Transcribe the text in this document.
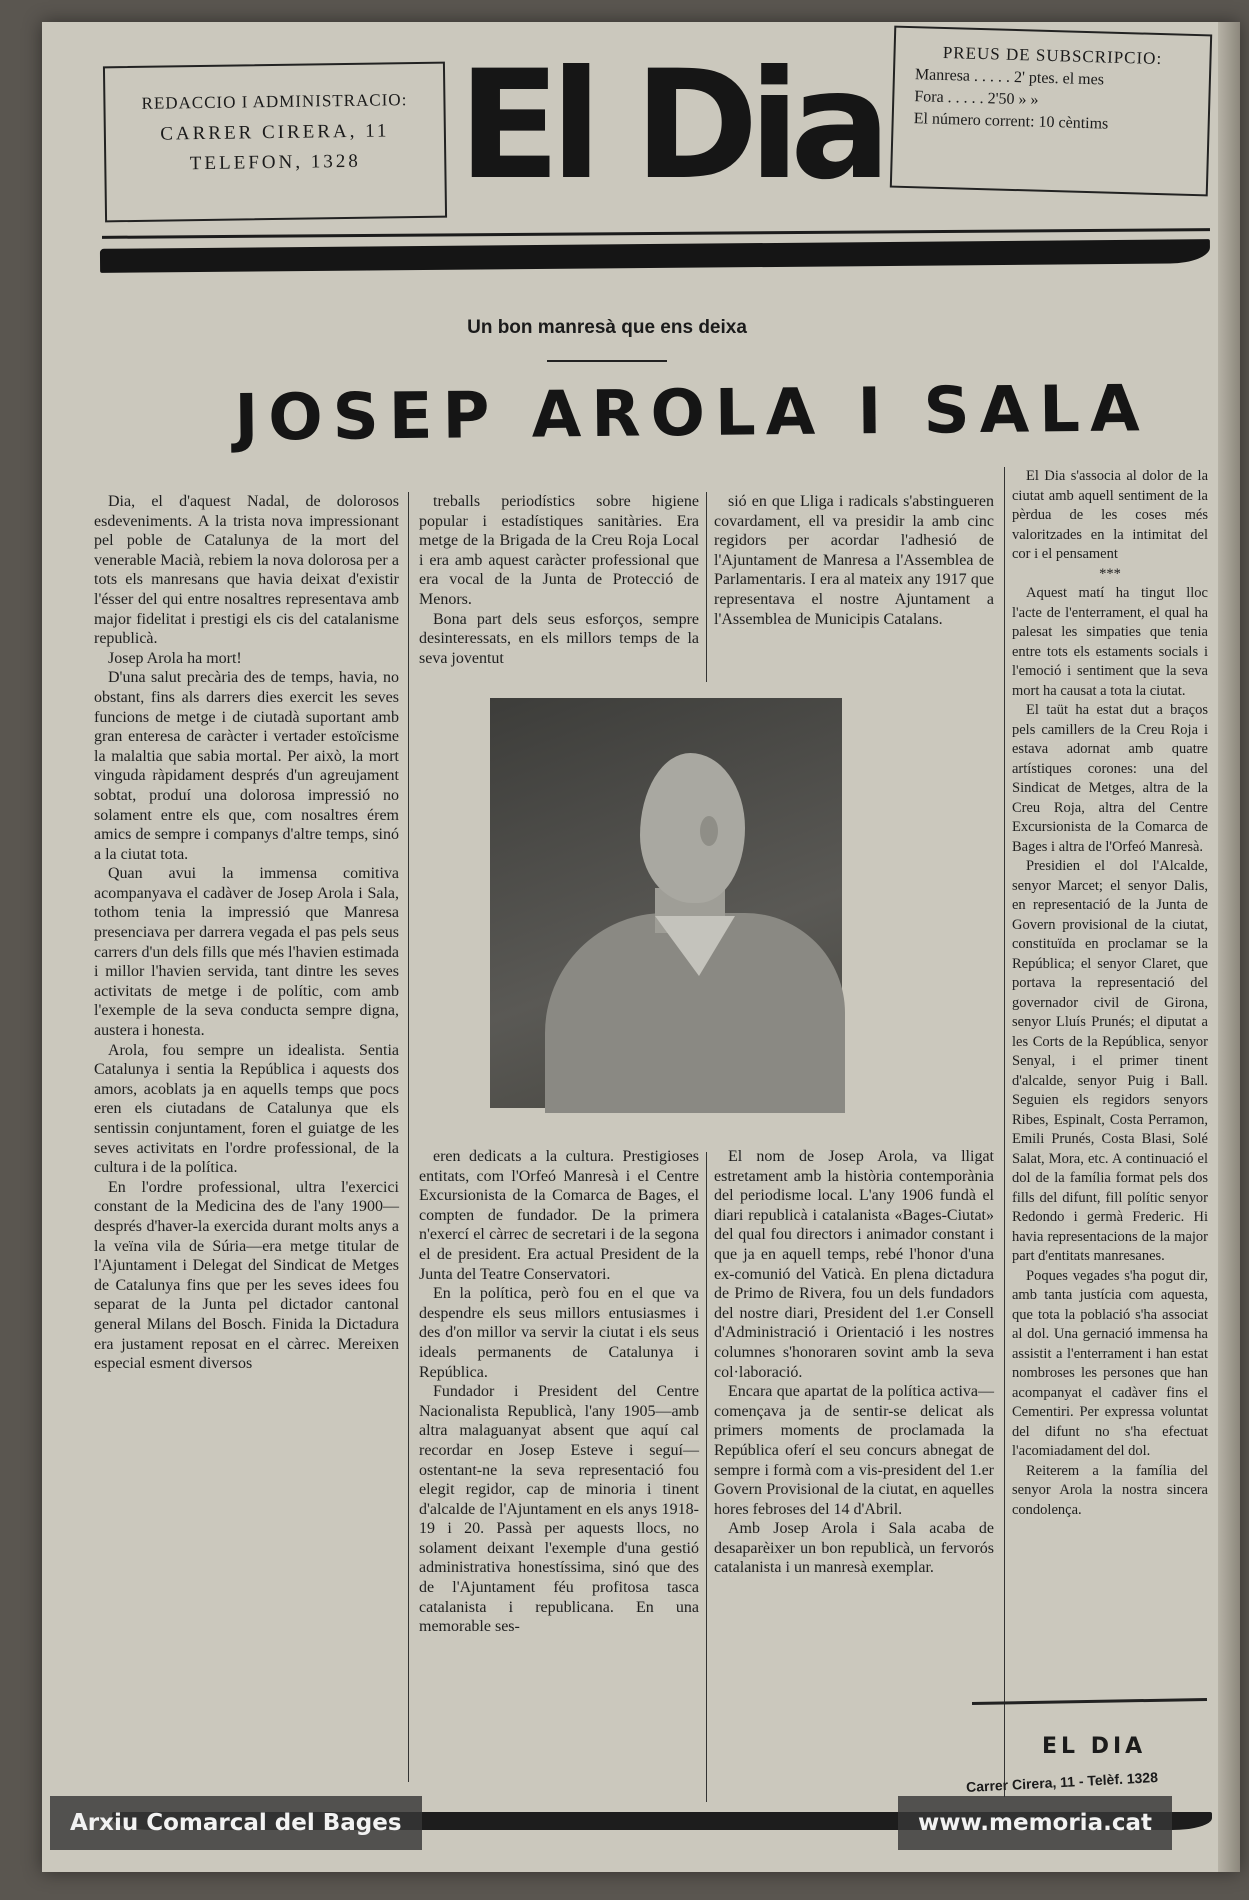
REDACCIO I ADMINISTRACIO:
CARRER CIRERA, 11
TELEFON, 1328 El Dia	PREUS DE SUBSCRIPCIO:
Manresa . . . . . 2' ptes. el mes
Fora . . . . . 2'50 » »
El número corrent: 10 cèntims
Un bon manresà que ens deixa
JOSEP AROLA I SALA

Dia, el d'aquest Nadal, de dolorosos esdeveniments. A la trista nova impressionant pel poble de Catalunya de la mort del venerable Macià, rebiem la nova dolorosa per a tots els manresans que havia deixat d'existir l'ésser del qui entre nosaltres representava amb major fidelitat i prestigi els cis del catalanisme republicà.

Josep Arola ha mort!

D'una salut precària des de temps, havia, no obstant, fins als darrers dies exercit les seves funcions de metge i de ciutadà suportant amb gran enteresa de caràcter i vertader estoïcisme la malaltia que sabia mortal. Per això, la mort vinguda ràpidament després d'un agreujament sobtat, produí una dolorosa impressió no solament entre els que, com nosaltres érem amics de sempre i companys d'altre temps, sinó a la ciutat tota.

Quan avui la immensa comitiva acompanyava el cadàver de Josep Arola i Sala, tothom tenia la impressió que Manresa presenciava per darrera vegada el pas pels seus carrers d'un dels fills que més l'havien estimada i millor l'havien servida, tant dintre les seves activitats de metge i de polític, com amb l'exemple de la seva conducta sempre digna, austera i honesta.

Arola, fou sempre un idealista. Sentia Catalunya i sentia la República i aquests dos amors, acoblats ja en aquells temps que pocs eren els ciutadans de Catalunya que els sentissin conjuntament, foren el guiatge de les seves activitats en l'ordre professional, de la cultura i de la política.

En l'ordre professional, ultra l'exercici constant de la Medicina des de l'any 1900—després d'haver-la exercida durant molts anys a la veïna vila de Súria—era metge titular de l'Ajuntament i Delegat del Sindicat de Metges de Catalunya fins que per les seves idees fou separat de la Junta pel dictador cantonal general Milans del Bosch. Finida la Dictadura era justament reposat en el càrrec. Mereixen especial esment diversos

treballs periodístics sobre higiene popular i estadístiques sanitàries. Era metge de la Brigada de la Creu Roja Local i era amb aquest caràcter professional que era vocal de la Junta de Protecció de Menors.

Bona part dels seus esforços, sempre desinteressats, en els millors temps de la seva joventut

sió en que Lliga i radicals s'abstingueren covardament, ell va presidir la amb cinc regidors per acordar l'adhesió de l'Ajuntament de Manresa a l'Assemblea de Parlamentaris. I era al mateix any 1917 que representava el nostre Ajuntament a l'Assemblea de Municipis Catalans.

eren dedicats a la cultura. Prestigioses entitats, com l'Orfeó Manresà i el Centre Excursionista de la Comarca de Bages, el compten de fundador. De la primera n'exercí el càrrec de secretari i de la segona el de president. Era actual President de la Junta del Teatre Conservatori.

En la política, però fou en el que va despendre els seus millors entusiasmes i des d'on millor va servir la ciutat i els seus ideals permanents de Catalunya i República.

Fundador i President del Centre Nacionalista Republicà, l'any 1905—amb altra malaguanyat absent que aquí cal recordar en Josep Esteve i seguí—ostentant-ne la seva representació fou elegit regidor, cap de minoria i tinent d'alcalde de l'Ajuntament en els anys 1918-19 i 20. Passà per aquests llocs, no solament deixant l'exemple d'una gestió administrativa honestíssima, sinó que des de l'Ajuntament féu profitosa tasca catalanista i republicana. En una memorable ses-

El nom de Josep Arola, va lligat estretament amb la història contemporània del periodisme local. L'any 1906 fundà el diari republicà i catalanista «Bages-Ciutat» del qual fou directors i animador constant i que ja en aquell temps, rebé l'honor d'una ex-comunió del Vaticà. En plena dictadura de Primo de Rivera, fou un dels fundadors del nostre diari, President del 1.er Consell d'Administració i Orientació i les nostres columnes s'honoraren sovint amb la seva col·laboració.

Encara que apartat de la política activa—començava ja de sentir-se delicat als primers moments de proclamada la República oferí el seu concurs abnegat de sempre i formà com a vis-president del 1.er Govern Provisional de la ciutat, en aquelles hores febroses del 14 d'Abril.

Amb Josep Arola i Sala acaba de desaparèixer un bon republicà, un fervorós catalanista i un manresà exemplar.

El Dia s'associa al dolor de la ciutat amb aquell sentiment de la pèrdua de les coses més valoritzades en la intimitat del cor i el pensament

***

Aquest matí ha tingut lloc l'acte de l'enterrament, el qual ha palesat les simpaties que tenia entre tots els estaments socials i l'emoció i sentiment que la seva mort ha causat a tota la ciutat.

El taüt ha estat dut a braços pels camillers de la Creu Roja i estava adornat amb quatre artístiques corones: una del Sindicat de Metges, altra de la Creu Roja, altra del Centre Excursionista de la Comarca de Bages i altra de l'Orfeó Manresà.

Presidien el dol l'Alcalde, senyor Marcet; el senyor Dalis, en representació de la Junta de Govern provisional de la ciutat, constituïda en proclamar se la República; el senyor Claret, que portava la representació del governador civil de Girona, senyor Lluís Prunés; el diputat a les Corts de la República, senyor Senyal, i el primer tinent d'alcalde, senyor Puig i Ball. Seguien els regidors senyors Ribes, Espinalt, Costa Perramon, Emili Prunés, Costa Blasi, Solé Salat, Mora, etc. A continuació el dol de la família format pels dos fills del difunt, fill polític senyor Redondo i germà Frederic. Hi havia representacions de la major part d'entitats manresanes.

Poques vegades s'ha pogut dir, amb tanta justícia com aquesta, que tota la població s'ha associat al dol. Una gernació immensa ha assistit a l'enterrament i han estat nombroses les persones que han acompanyat el cadàver fins el Cementiri. Per expressa voluntat del difunt no s'ha efectuat l'acomiadament del dol.

Reiterem a la família del senyor Arola la nostra sincera condolença.

EL DIA
Carrer Cirera, 11 - Telèf. 1328
Arxiu Comarcal del Bages	www.memoria.cat
